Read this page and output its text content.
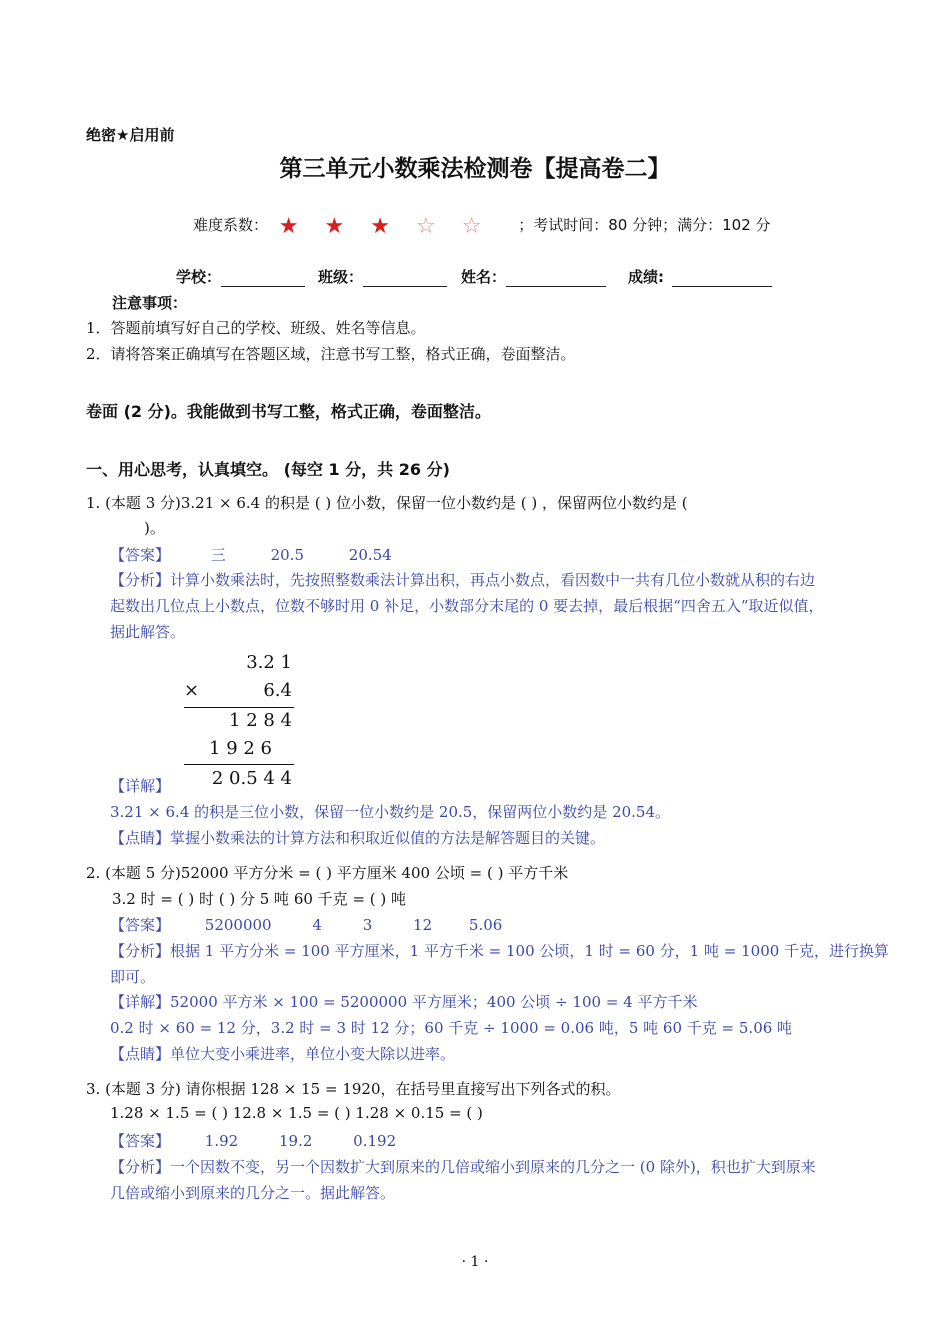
绝密★启用前
第三单元小数乘法检测卷【提高卷二】
难度系数： ★ ★ ★ ☆ ☆ ；考试时间：80 分钟；满分：102 分
学校：	班级：	姓名：	成绩:
注意事项：
1．答题前填写好自己的学校、班级、姓名等信息。
2．请将答案正确填写在答题区域，注意书写工整，格式正确，卷面整洁。
卷面 (2 分)。我能做到书写工整，格式正确，卷面整洁。
一、用心思考，认真填空。 (每空 1 分，共 26 分)
1. (本题 3 分)3.21 × 6.4 的积是 ( ) 位小数，保留一位小数约是 ( ) ，保留两位小数约是 (
)。
【答案】	三	20.5	20.54
【分析】计算小数乘法时，先按照整数乘法计算出积，再点小数点，看因数中一共有几位小数就从积的右边
起数出几位点上小数点，位数不够时用 0 补足，小数部分末尾的 0 要去掉，最后根据“四舍五入”取近似值，
据此解答。
3.2 1
×	6.4
1 2 8 4
1 9 2 6
2 0.5 4 4
【详解】
3.21 × 6.4 的积是三位小数，保留一位小数约是 20.5，保留两位小数约是 20.54。
【点睛】掌握小数乘法的计算方法和积取近似值的方法是解答题目的关键。
2. (本题 5 分)52000 平方分米 = ( ) 平方厘米 400 公顷 = ( ) 平方千米
3.2 时 = ( ) 时 ( ) 分 5 吨 60 千克 = ( ) 吨
【答案】 5200000	4	3	12 5.06
【分析】根据 1 平方分米 = 100 平方厘米，1 平方千米 = 100 公顷，1 时 = 60 分，1 吨 = 1000 千克，进行换算
即可。
【详解】52000 平方米 × 100 = 5200000 平方厘米；400 公顷 ÷ 100 = 4 平方千米
0.2 时 × 60 = 12 分，3.2 时 = 3 时 12 分；60 千克 ÷ 1000 = 0.06 吨，5 吨 60 千克 = 5.06 吨
【点睛】单位大变小乘进率，单位小变大除以进率。
3. (本题 3 分) 请你根据 128 × 15 = 1920，在括号里直接写出下列各式的积。
1.28 × 1.5 = ( ) 12.8 × 1.5 = ( ) 1.28 × 0.15 = ( )
【答案】 1.92	19.2	0.192
【分析】一个因数不变，另一个因数扩大到原来的几倍或缩小到原来的几分之一 (0 除外)，积也扩大到原来
几倍或缩小到原来的几分之一。据此解答。
· 1 ·
